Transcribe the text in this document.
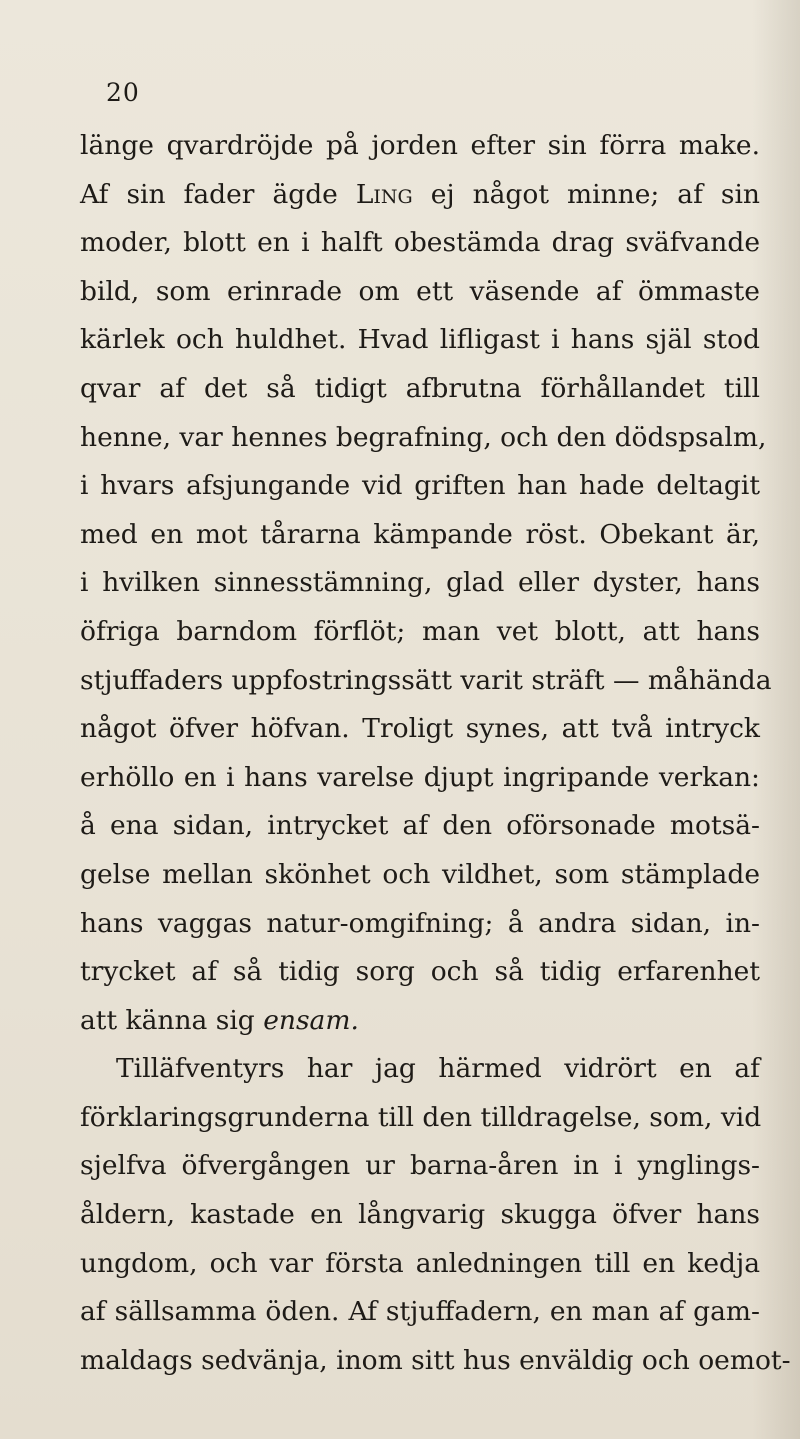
20
länge qvardröjde på jorden efter sin förra make.
Af sin fader ägde Ling ej något minne; af sin
moder, blott en i halft obestämda drag sväfvande
bild, som erinrade om ett väsende af ömmaste
kärlek och huldhet. Hvad lifligast i hans själ stod
qvar af det så tidigt afbrutna förhållandet till
henne, var hennes begrafning, och den dödspsalm,
i hvars afsjungande vid griften han hade deltagit
med en mot tårarna kämpande röst. Obekant är,
i hvilken sinnesstämning, glad eller dyster, hans
öfriga barndom förflöt; man vet blott, att hans
stjuffaders uppfostringssätt varit sträft — måhända
något öfver höfvan. Troligt synes, att två intryck
erhöllo en i hans varelse djupt ingripande verkan:
å ena sidan, intrycket af den oförsonade motsä-
gelse mellan skönhet och vildhet, som stämplade
hans vaggas natur-omgifning; å andra sidan, in-
trycket af så tidig sorg och så tidig erfarenhet
att känna sig ensam.
Tilläfventyrs har jag härmed vidrört en af
förklaringsgrunderna till den tilldragelse, som, vid
sjelfva öfvergången ur barna-åren in i ynglings-
åldern, kastade en långvarig skugga öfver hans
ungdom, och var första anledningen till en kedja
af sällsamma öden. Af stjuffadern, en man af gam-
maldags sedvänja, inom sitt hus enväldig och oemot-
